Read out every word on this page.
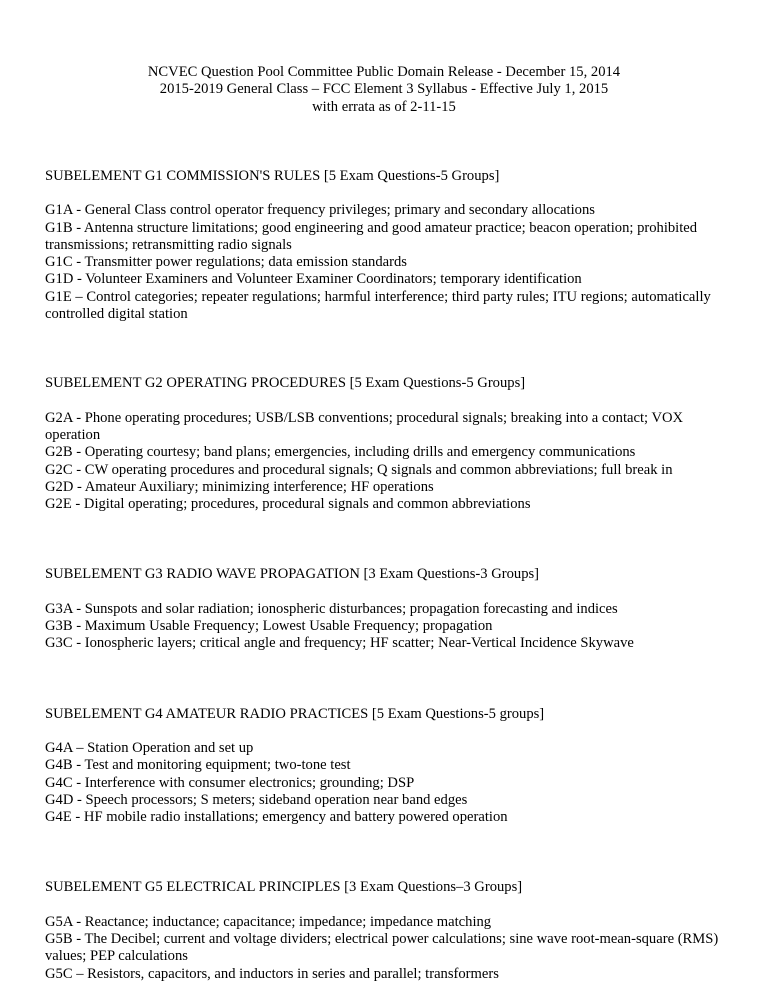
NCVEC Question Pool Committee Public Domain Release - December 15, 2014
2015-2019 General Class – FCC Element 3 Syllabus - Effective July 1, 2015
with errata as of 2-11-15
SUBELEMENT G1 COMMISSION'S RULES [5 Exam Questions-5 Groups]
G1A - General Class control operator frequency privileges; primary and secondary allocations
G1B - Antenna structure limitations; good engineering and good amateur practice; beacon operation; prohibited transmissions; retransmitting radio signals
G1C - Transmitter power regulations; data emission standards
G1D - Volunteer Examiners and Volunteer Examiner Coordinators; temporary identification
G1E – Control categories; repeater regulations; harmful interference; third party rules; ITU regions; automatically controlled digital station
SUBELEMENT G2 OPERATING PROCEDURES [5 Exam Questions-5 Groups]
G2A - Phone operating procedures; USB/LSB conventions; procedural signals; breaking into a contact; VOX operation
G2B - Operating courtesy; band plans; emergencies, including drills and emergency communications
G2C - CW operating procedures and procedural signals; Q signals and common abbreviations; full break in
G2D - Amateur Auxiliary; minimizing interference; HF operations
G2E - Digital operating; procedures, procedural signals and common abbreviations
SUBELEMENT G3 RADIO WAVE PROPAGATION [3 Exam Questions-3 Groups]
G3A - Sunspots and solar radiation; ionospheric disturbances; propagation forecasting and indices
G3B - Maximum Usable Frequency; Lowest Usable Frequency; propagation
G3C - Ionospheric layers; critical angle and frequency; HF scatter; Near-Vertical Incidence Skywave
SUBELEMENT G4 AMATEUR RADIO PRACTICES [5 Exam Questions-5 groups]
G4A – Station Operation and set up
G4B - Test and monitoring equipment; two-tone test
G4C - Interference with consumer electronics; grounding; DSP
G4D - Speech processors; S meters; sideband operation near band edges
G4E - HF mobile radio installations; emergency and battery powered operation
SUBELEMENT G5 ELECTRICAL PRINCIPLES [3 Exam Questions–3 Groups]
G5A - Reactance; inductance; capacitance; impedance; impedance matching
G5B - The Decibel; current and voltage dividers; electrical power calculations; sine wave root-mean-square (RMS) values; PEP calculations
G5C – Resistors, capacitors, and inductors in series and parallel; transformers
